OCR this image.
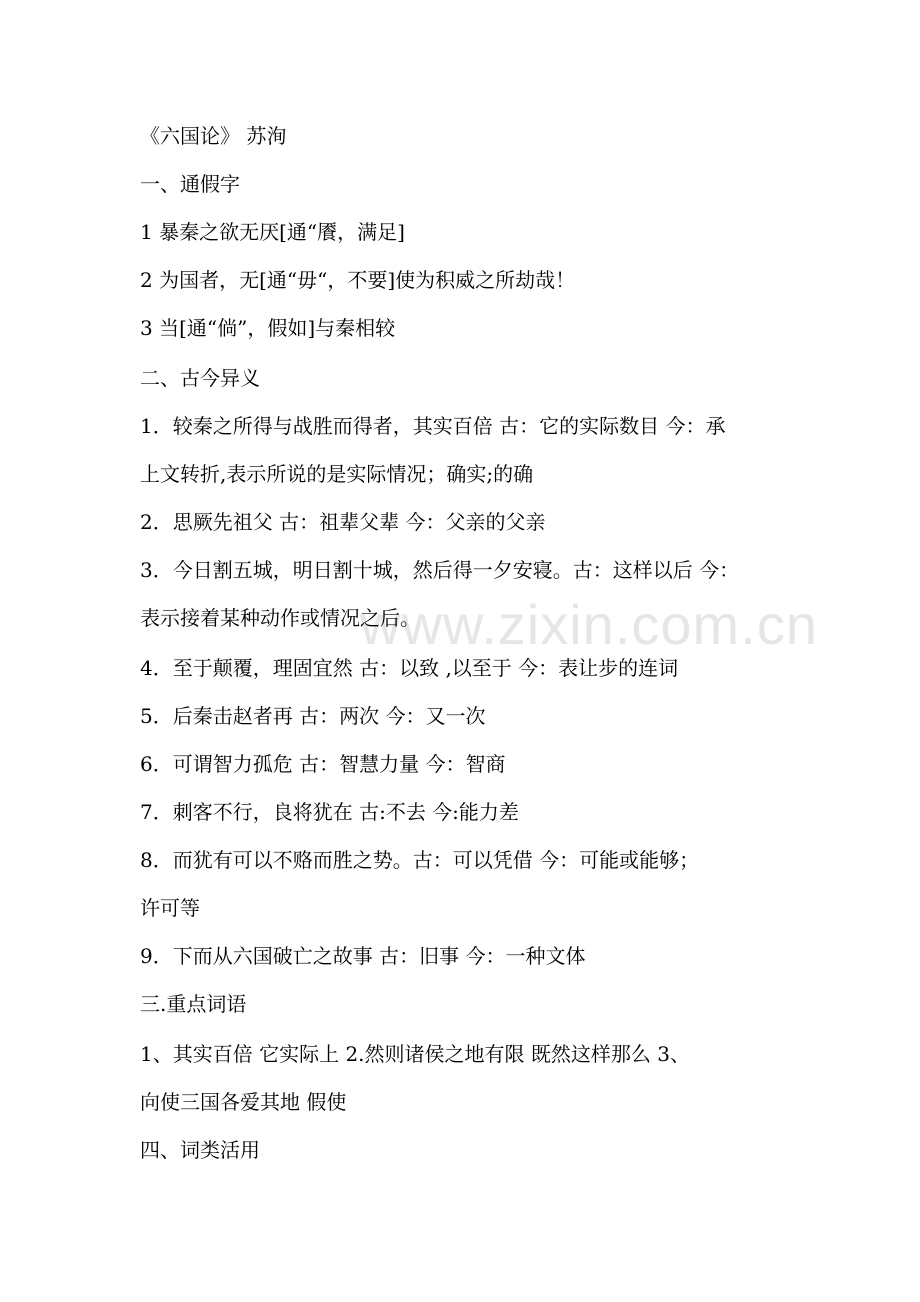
www.zixin.com.cn
《六国论》 苏洵
一、通假字
1 暴秦之欲无厌[通“餍，满足]
2 为国者，无[通“毋“，不要]使为积威之所劫哉！
3 当[通“倘”，假如]与秦相较
二、古今异义
1．较秦之所得与战胜而得者，其实百倍 古：它的实际数目 今：承
上文转折,表示所说的是实际情况；确实;的确
2．思厥先祖父 古：祖辈父辈 今：父亲的父亲
3．今日割五城，明日割十城，然后得一夕安寝。古：这样以后 今：
表示接着某种动作或情况之后。
4．至于颠覆，理固宜然 古：以致 ,以至于 今：表让步的连词
5．后秦击赵者再 古：两次 今：又一次
6．可谓智力孤危 古：智慧力量 今：智商
7．刺客不行，良将犹在 古:不去 今:能力差
8．而犹有可以不赂而胜之势。古：可以凭借 今：可能或能够；
许可等
9．下而从六国破亡之故事 古：旧事 今：一种文体
三.重点词语
1、其实百倍 它实际上 2.然则诸侯之地有限 既然这样那么 3、
向使三国各爱其地 假使
四、词类活用
